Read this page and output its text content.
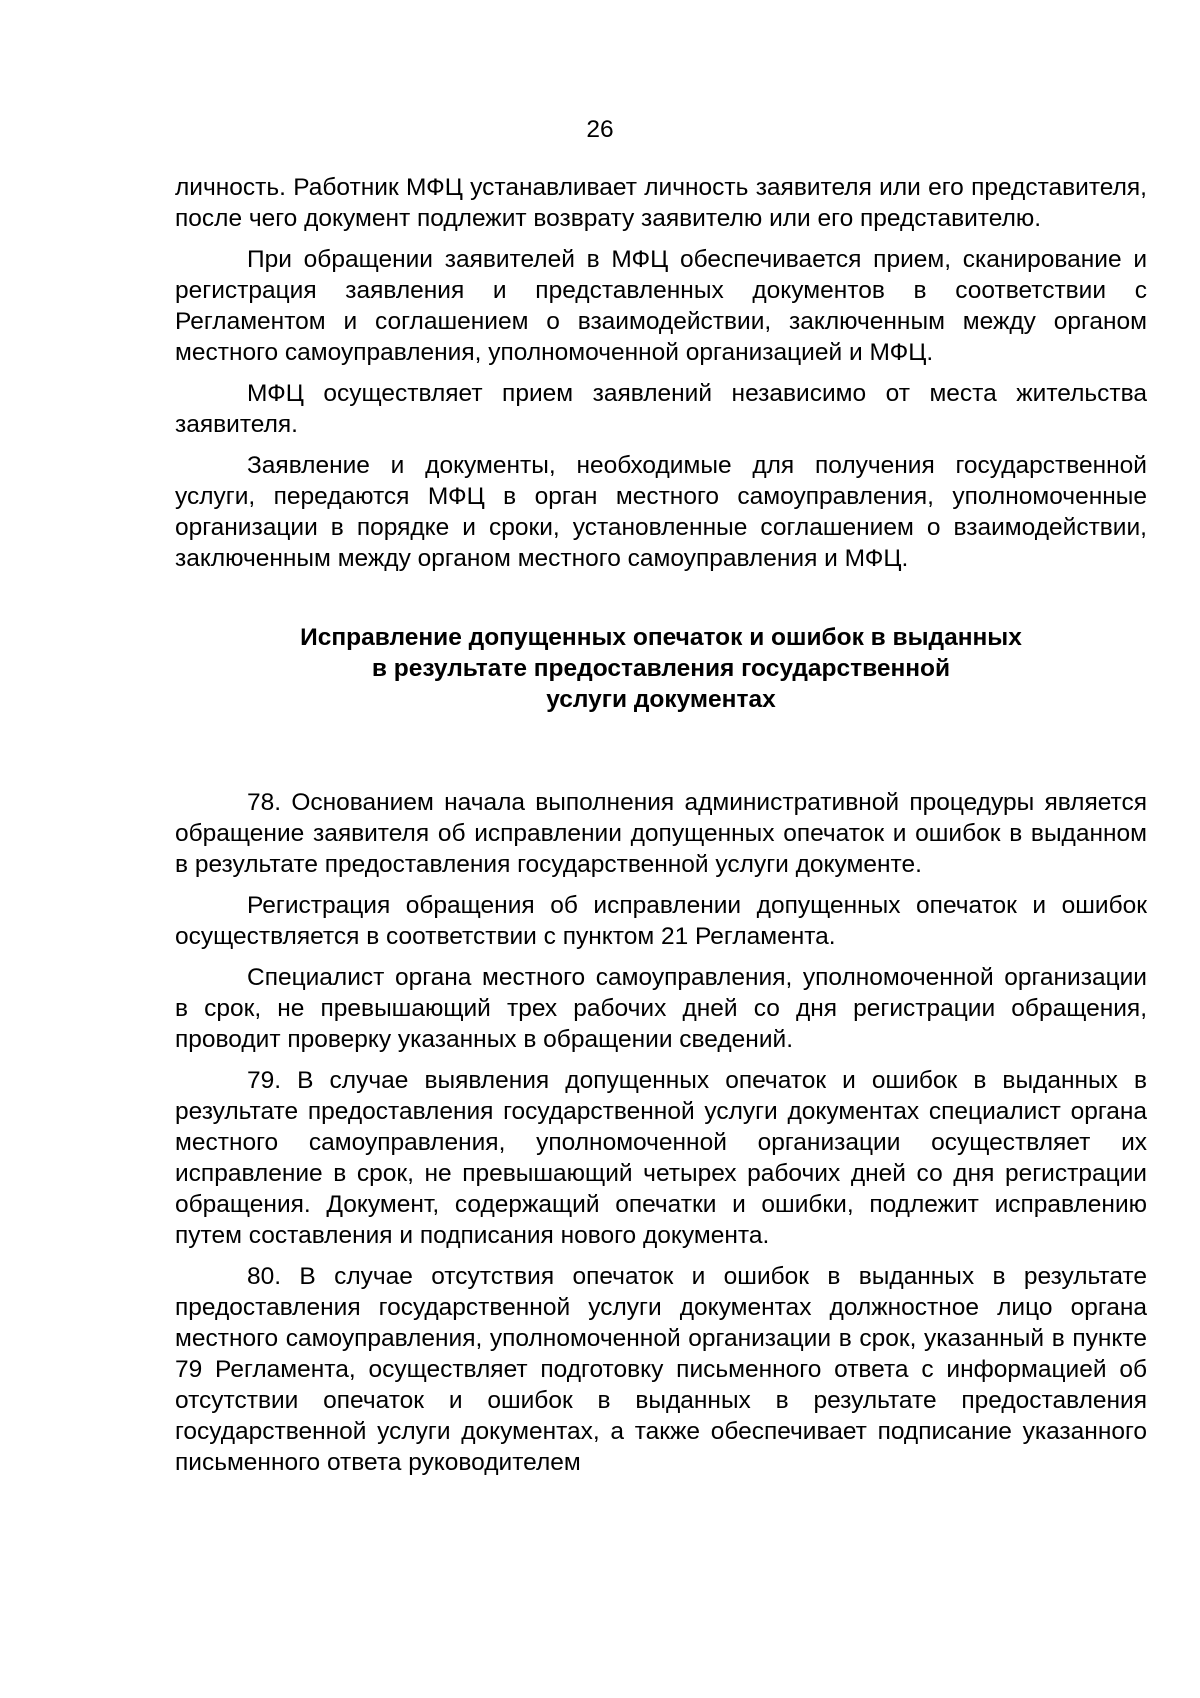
26

личность. Работник МФЦ устанавливает личность заявителя или его представителя, после чего документ подлежит возврату заявителю или его представителю.

При обращении заявителей в МФЦ обеспечивается прием, сканирование и регистрация заявления и представленных документов в соответствии с Регламентом и соглашением о взаимодействии, заключенным между органом местного самоуправления, уполномоченной организацией и МФЦ.

МФЦ осуществляет прием заявлений независимо от места жительства заявителя.

Заявление и документы, необходимые для получения государственной услуги, передаются МФЦ в орган местного самоуправления, уполномоченные организации в порядке и сроки, установленные соглашением о взаимодействии, заключенным между органом местного самоуправления и МФЦ.

Исправление допущенных опечаток и ошибок в выданных
в результате предоставления государственной
услуги документах

78. Основанием начала выполнения административной процедуры является обращение заявителя об исправлении допущенных опечаток и ошибок в выданном в результате предоставления государственной услуги документе.

Регистрация обращения об исправлении допущенных опечаток и ошибок осуществляется в соответствии с пунктом 21 Регламента.

Специалист органа местного самоуправления, уполномоченной организации в срок, не превышающий трех рабочих дней со дня регистрации обращения, проводит проверку указанных в обращении сведений.

79. В случае выявления допущенных опечаток и ошибок в выданных в результате предоставления государственной услуги документах специалист органа местного самоуправления, уполномоченной организации осуществляет их исправление в срок, не превышающий четырех рабочих дней со дня регистрации обращения. Документ, содержащий опечатки и ошибки, подлежит исправлению путем составления и подписания нового документа.

80. В случае отсутствия опечаток и ошибок в выданных в результате предоставления государственной услуги документах должностное лицо органа местного самоуправления, уполномоченной организации в срок, указанный в пункте 79 Регламента, осуществляет подготовку письменного ответа с информацией об отсутствии опечаток и ошибок в выданных в результате предоставления государственной услуги документах, а также обеспечивает подписание указанного письменного ответа руководителем
